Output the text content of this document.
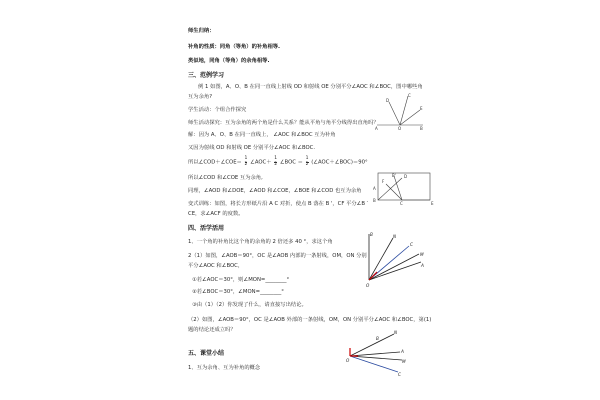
师生归纳：
补角的性质：同角（等角）的补角相等.
类似地，同角（等角）的余角相等.
三、范例学习
例 1 如图，A、O、B 在同一直线上射线 OD 和射线 OE 分别平分∠AOC 和∠BOC，图中哪些角
互为余角?
学生活动：个组合作探究
师生活动探究：互为余角的两个角是什么关系？能从平角与角平分线得出直角吗？
解：因为 A、O、B 在同一直线上， ∠AOC 和∠BOC 互为补角
又因为射线 OD 和射线 OE 分别平分∠AOC 和∠BOC.
所以∠COD＋∠COE＝ $\frac{1}{2}$ ∠AOC＋ $\frac{1}{2}$ ∠BOC ＝ $\frac{1}{2}$ (∠AOC＋∠BOC)＝90°
所以∠COD 和∠COE 互为余角,
同理，∠AOD 和∠DOE，∠AOD 和∠COE，∠BOE 和∠COD 也互为余角
变式训练：如图，将长方形纸片沿 A C 对折，使点 B 落在 B '，CF 平分∠B ′
CE，求∠ACF 的度数。
四、活学活用
1、一个角的补角比这个角的余角的 2 倍还多 40 °，求这个角
2（1）如图，∠AOB＝90°，OC 是∠AOB 内部的一条射线，OM，ON 分别
平分∠AOC 和∠BOC，
①若∠AOC＝30°，则∠MON=________°
②若∠BOC＝30°，∠MON=________°
③由（1）（2）你发现了什么，请直接写出结论。
（2）如图，∠AOB＝90°，OC 是∠AOB 外部的一条射线，OM，ON 分别平分∠AOC 和∠BOC，第(1)
题的结论还成立吗？
五、课堂小结
1、互为余角、互为补角的概念
O
A	B
C
D
E
A
B
C	E
B'
F
D
O
A
B
C
N
M
O
N
A
M
C
B
